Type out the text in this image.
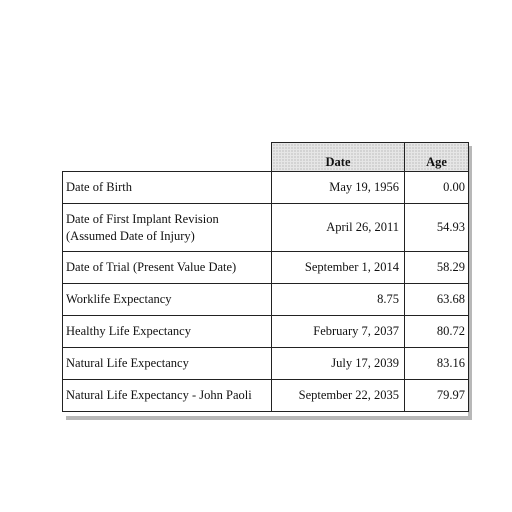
	Date	Age

Date of Birth	May 19, 1956	0.00

Date of First Implant Revision
(Assumed Date of Injury)	April 26, 2011	54.93

Date of Trial (Present Value Date)	September 1, 2014	58.29

Worklife Expectancy	8.75	63.68

Healthy Life Expectancy	February 7, 2037	80.72

Natural Life Expectancy	July 17, 2039	83.16

Natural Life Expectancy - John Paoli	September 22, 2035	79.97
